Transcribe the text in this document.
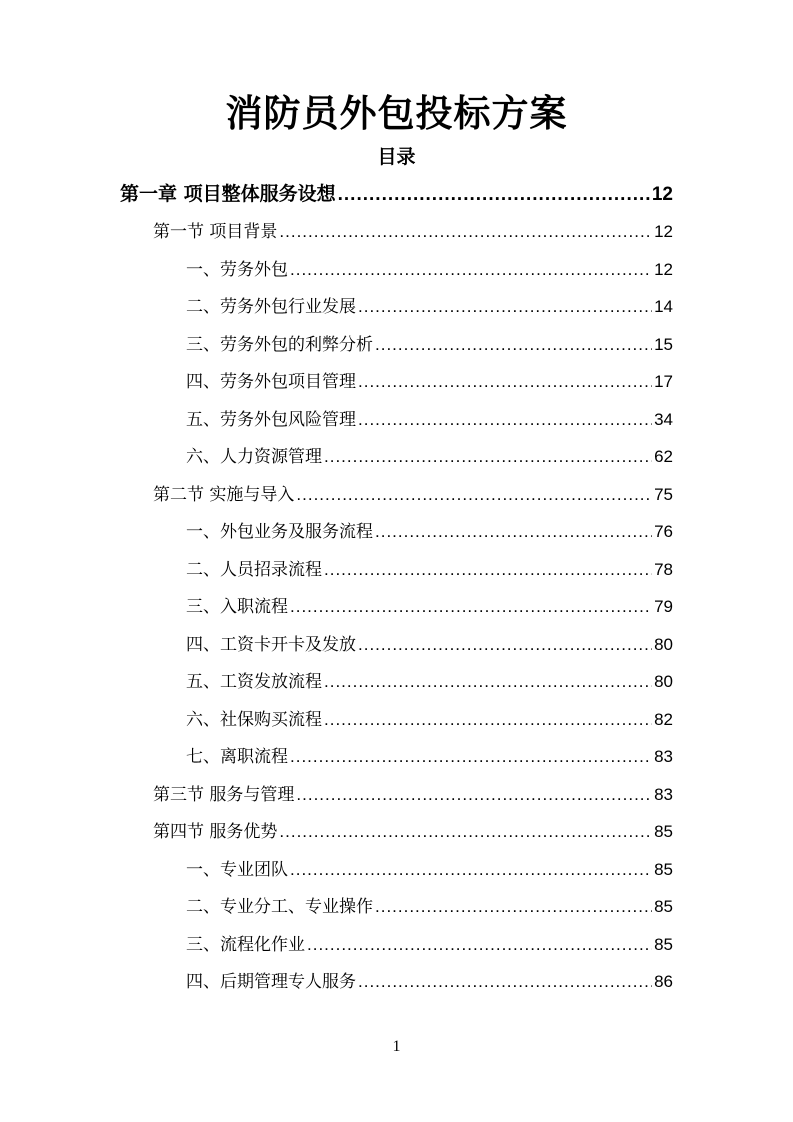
消防员外包投标方案
目录
第一章 项目整体服务设想 .....	12
第一节 项目背景 .....	12
一、劳务外包 .....	12
二、劳务外包行业发展 .....	14
三、劳务外包的利弊分析 .....	15
四、劳务外包项目管理 .....	17
五、劳务外包风险管理 .....	34
六、人力资源管理 .....	62
第二节 实施与导入 .....	75
一、外包业务及服务流程 .....	76
二、人员招录流程 .....	78
三、入职流程 .....	79
四、工资卡开卡及发放 .....	80
五、工资发放流程 .....	80
六、社保购买流程 .....	82
七、离职流程 .....	83
第三节 服务与管理 .....	83
第四节 服务优势 .....	85
一、专业团队 .....	85
二、专业分工、专业操作 .....	85
三、流程化作业 .....	85
四、后期管理专人服务 .....	86
1
